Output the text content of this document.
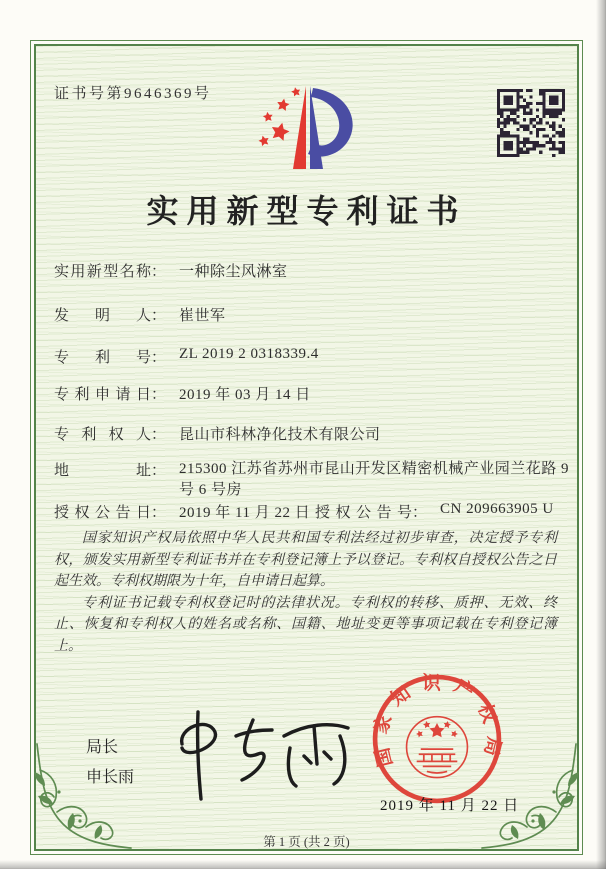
证书号第9646369号
实用新型专利证书
实用新型名称： 一种除尘风淋室
发明人： 崔世军
专利号： ZL 2019 2 0318339.4
专利申请日： 2019 年 03 月 14 日
专利权人： 昆山市科林净化技术有限公司
地址： 215300 江苏省苏州市昆山开发区精密机械产业园兰花路 9 号 6 号房
授权公告日： 2019 年 11 月 22 日 授权公告号： CN 209663905 U

国家知识产权局依照中华人民共和国专利法经过初步审查，决定授予专利权，颁发实用新型专利证书并在专利登记簿上予以登记。专利权自授权公告之日起生效。专利权期限为十年，自申请日起算。

专利证书记载专利权登记时的法律状况。专利权的转移、质押、无效、终止、恢复和专利权人的姓名或名称、国籍、地址变更等事项记载在专利登记簿上。

局长
申长雨
国家知识产权局
2019 年 11 月 22 日
第 1 页 (共 2 页)
